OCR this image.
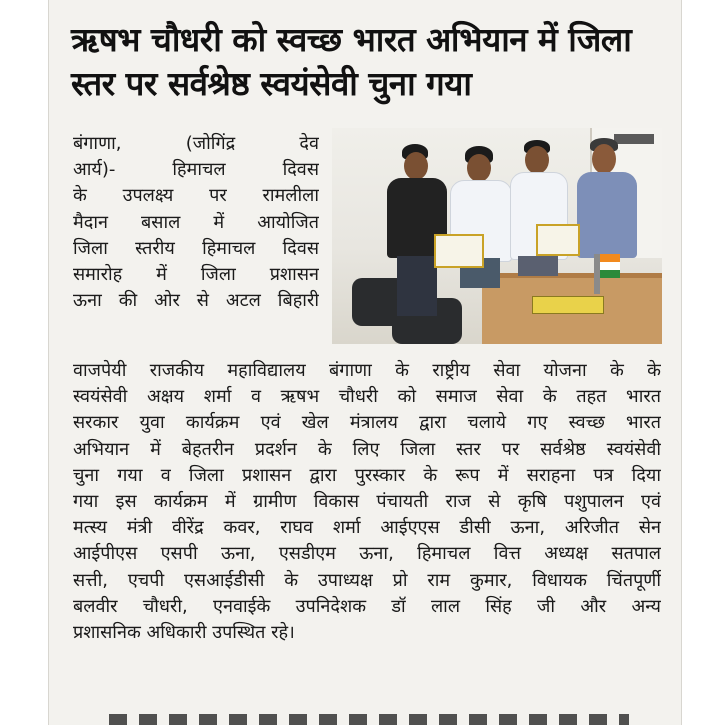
ऋषभ चौधरी को स्वच्छ भारत अभियान में जिला
स्तर पर सर्वश्रेष्ठ स्वयंसेवी चुना गया
बंगाणा, (जोगिंद्र देव
आर्य)- हिमाचल दिवस
के उपलक्ष्य पर रामलीला
मैदान बसाल में आयोजित
जिला स्तरीय हिमाचल दिवस
समारोह में जिला प्रशासन
ऊना की ओर से अटल बिहारी
वाजपेयी राजकीय महाविद्यालय बंगाणा के राष्ट्रीय सेवा योजना के के
स्वयंसेवी अक्षय शर्मा व ऋषभ चौधरी को समाज सेवा के तहत भारत
सरकार युवा कार्यक्रम एवं खेल मंत्रालय द्वारा चलाये गए स्वच्छ भारत
अभियान में बेहतरीन प्रदर्शन के लिए जिला स्तर पर सर्वश्रेष्ठ स्वयंसेवी
चुना गया व जिला प्रशासन द्वारा पुरस्कार के रूप में सराहना पत्र दिया
गया इस कार्यक्रम में ग्रामीण विकास पंचायती राज से कृषि पशुपालन एवं
मत्स्य मंत्री वीरेंद्र कवर, राघव शर्मा आईएएस डीसी ऊना, अरिजीत सेन
आईपीएस एसपी ऊना, एसडीएम ऊना, हिमाचल वित्त अध्यक्ष सतपाल
सत्ती, एचपी एसआईडीसी के उपाध्यक्ष प्रो राम कुमार, विधायक चिंतपूर्णी
बलवीर चौधरी, एनवाईके उपनिदेशक डॉ लाल सिंह जी और अन्य
प्रशासनिक अधिकारी उपस्थित रहे।
